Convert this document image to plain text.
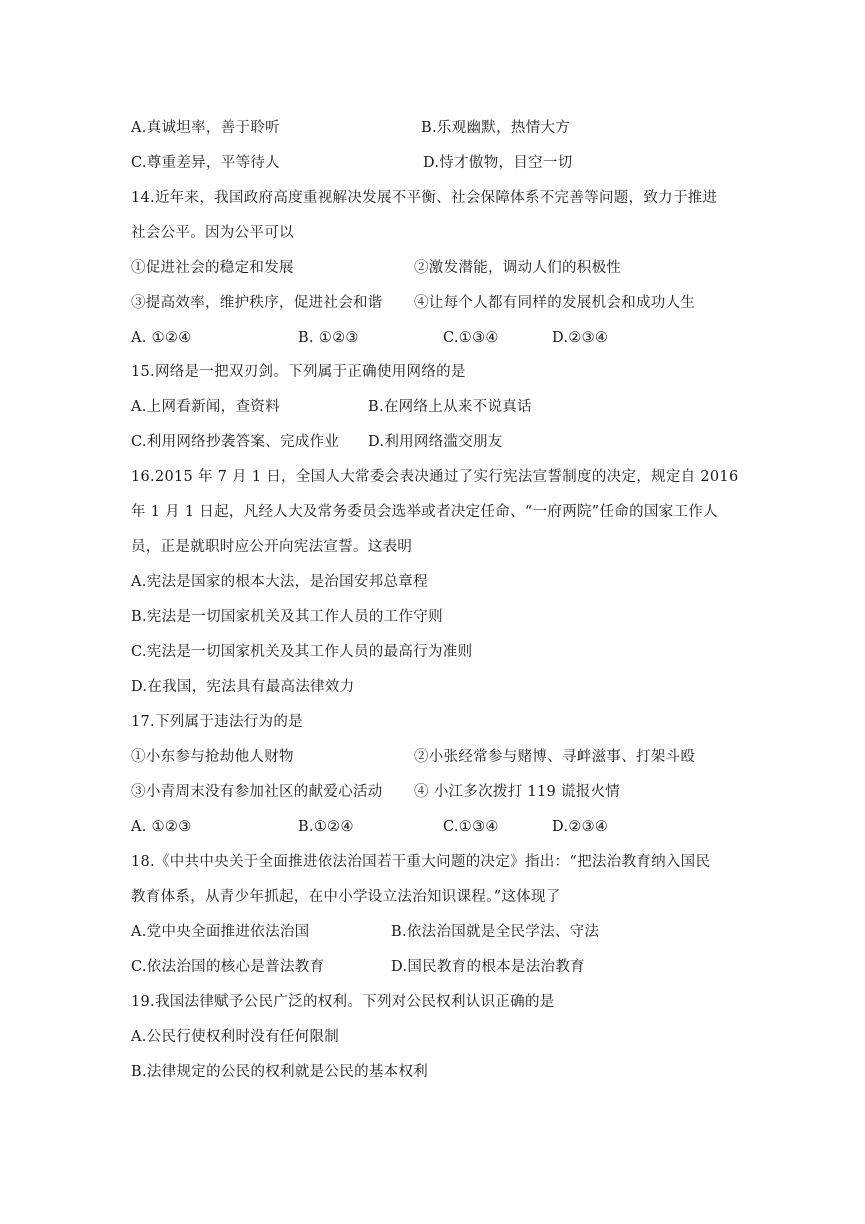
A.真诚坦率，善于聆听	B.乐观幽默，热情大方
C.尊重差异，平等待人	D.恃才傲物，目空一切
14.近年来，我国政府高度重视解决发展不平衡、社会保障体系不完善等问题，致力于推进
社会公平。因为公平可以
①促进社会的稳定和发展	②激发潜能，调动人们的积极性
③提高效率，维护秩序，促进社会和谐 ④让每个人都有同样的发展机会和成功人生
A. ①②④	B. ①②③	C.①③④	D.②③④
15.网络是一把双刃剑。下列属于正确使用网络的是
A.上网看新闻，查资料	B.在网络上从来不说真话
C.利用网络抄袭答案、完成作业 D.利用网络滥交朋友
16.2015 年 7 月 1 日，全国人大常委会表决通过了实行宪法宣誓制度的决定，规定自 2016
年 1 月 1 日起，凡经人大及常务委员会选举或者决定任命、“一府两院”任命的国家工作人
员，正是就职时应公开向宪法宣誓。这表明
A.宪法是国家的根本大法，是治国安邦总章程
B.宪法是一切国家机关及其工作人员的工作守则
C.宪法是一切国家机关及其工作人员的最高行为准则
D.在我国，宪法具有最高法律效力
17.下列属于违法行为的是
①小东参与抢劫他人财物	②小张经常参与赌博、寻衅滋事、打架斗殴
③小青周末没有参加社区的献爱心活动 ④ 小江多次拨打 119 谎报火情
A. ①②③	B.①②④	C.①③④	D.②③④
18.《中共中央关于全面推进依法治国若干重大问题的决定》指出：“把法治教育纳入国民
教育体系，从青少年抓起，在中小学设立法治知识课程。”这体现了
A.党中央全面推进依法治国	B.依法治国就是全民学法、守法
C.依法治国的核心是普法教育	D.国民教育的根本是法治教育
19.我国法律赋予公民广泛的权利。下列对公民权利认识正确的是
A.公民行使权利时没有任何限制
B.法律规定的公民的权利就是公民的基本权利
